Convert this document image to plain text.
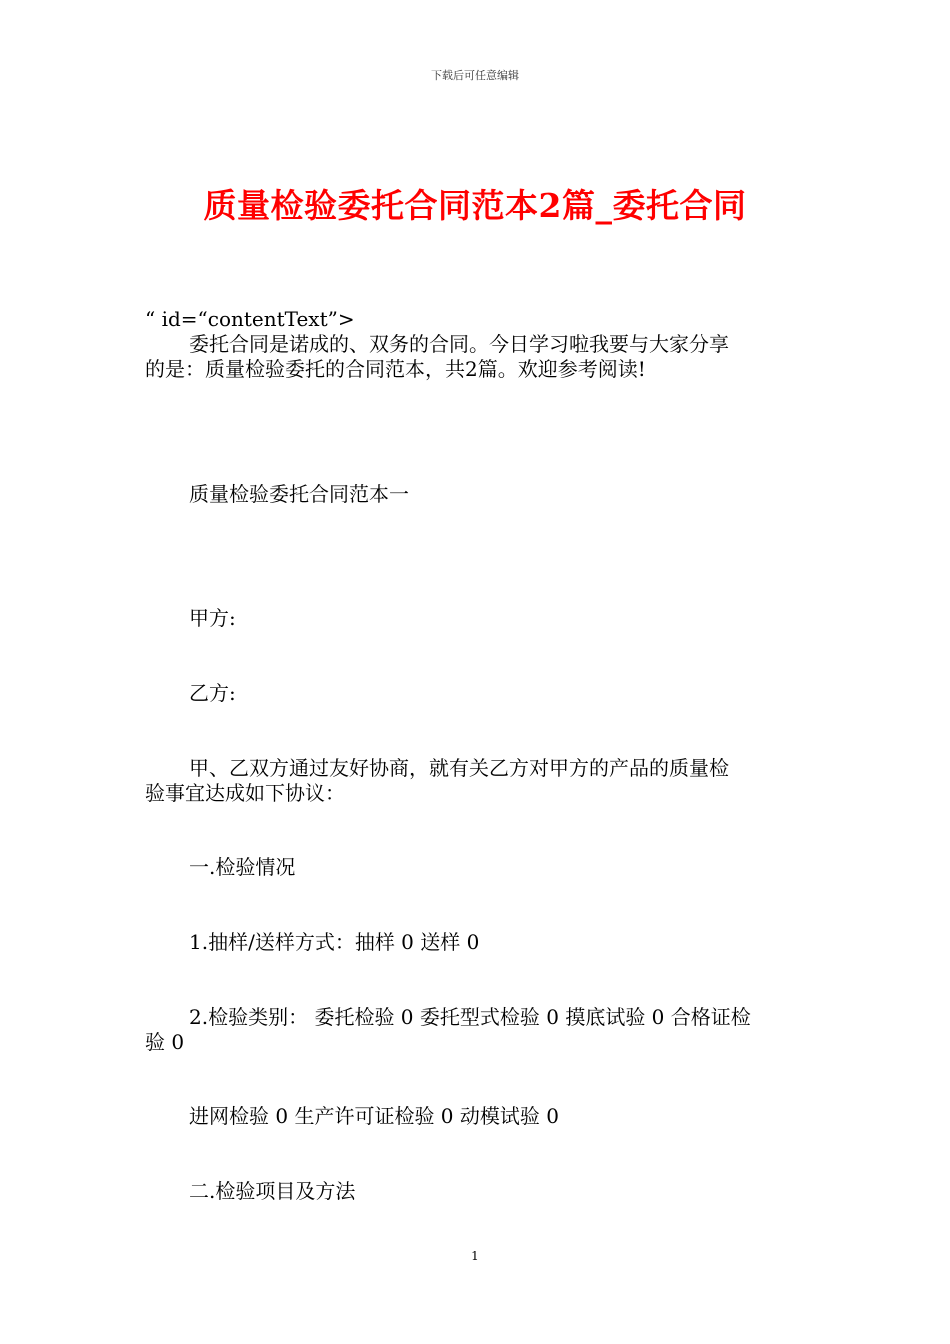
下载后可任意编辑
质量检验委托合同范本2篇_委托合同
“ id=“contentText”>
委托合同是诺成的、双务的合同。今日学习啦我要与大家分享
的是：质量检验委托的合同范本，共2篇。欢迎参考阅读!
质量检验委托合同范本一
甲方:
乙方:
甲、乙双方通过友好协商，就有关乙方对甲方的产品的质量检
验事宜达成如下协议：
一.检验情况
1.抽样/送样方式：抽样 0 送样 0
2.检验类别： 委托检验 0 委托型式检验 0 摸底试验 0 合格证检
验 0
进网检验 0 生产许可证检验 0 动模试验 0
二.检验项目及方法
1
